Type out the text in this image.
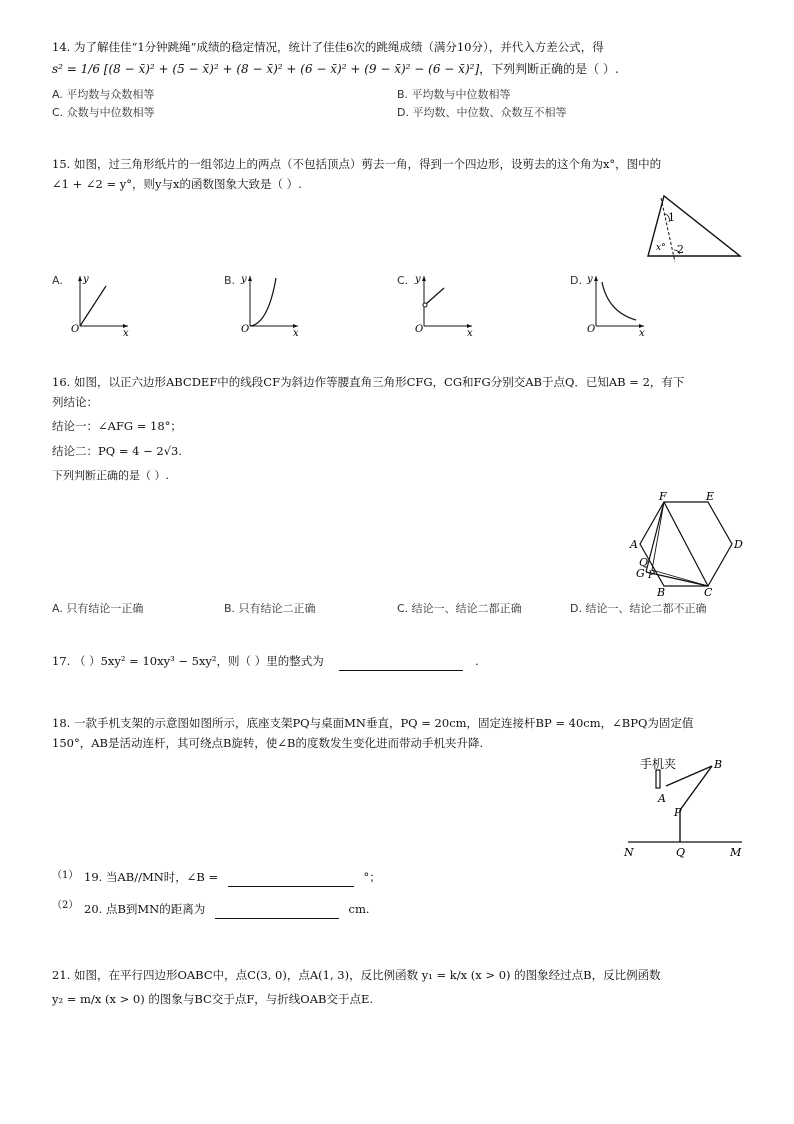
14. 为了解佳佳“1分钟跳绳”成绩的稳定情况，统计了佳佳6次的跳绳成绩（满分10分），并代入方差公式，得
s² = 1/6 [(8 − x̄)² + (5 − x̄)² + (8 − x̄)² + (6 − x̄)² + (9 − x̄)² − (6 − x̄)²]，下列判断正确的是（ ）.
A. 平均数与众数相等	B. 平均数与中位数相等
C. 众数与中位数相等	D. 平均数、中位数、众数互不相等
15. 如图，过三角形纸片的一组邻边上的两点（不包括顶点）剪去一角，得到一个四边形，设剪去的这个角为x°，图中的
∠1 + ∠2 = y°，则y与x的函数图象大致是（ ）.
1
2
x°
A.
O
y
x
B.
O
y
x
C.
O
y
x
D.
O
y
x
16. 如图，以正六边形ABCDEF中的线段CF为斜边作等腰直角三角形CFG，CG和FG分别交AB于点Q．已知AB = 2，有下
列结论：
结论一：∠AFG = 18°；
结论二：PQ = 4 − 2√3.
下列判断正确的是（ ）.
F	E
A	D
Q
G P
B	C
A. 只有结论一正确	B. 只有结论二正确	C. 结论一、结论二都正确	D. 结论一、结论二都不正确
17. （ ）5xy² = 10xy³ − 5xy²，则（ ）里的整式为	.
18. 一款手机支架的示意图如图所示，底座支架PQ与桌面MN垂直，PQ = 20cm，固定连接杆BP = 40cm，∠BPQ为固定值
150°，AB是活动连杆，其可绕点B旋转，使∠B的度数发生变化进而带动手机夹升降.
手机夹	B
A
P
N	Q	M
（1） 19. 当AB//MN时，∠B =	°；
（2） 20. 点B到MN的距离为	cm.
21. 如图，在平行四边形OABC中，点C(3, 0)，点A(1, 3)，反比例函数 y₁ = k/x (x > 0) 的图象经过点B，反比例函数
y₂ = m/x (x > 0) 的图象与BC交于点F，与折线OAB交于点E.
